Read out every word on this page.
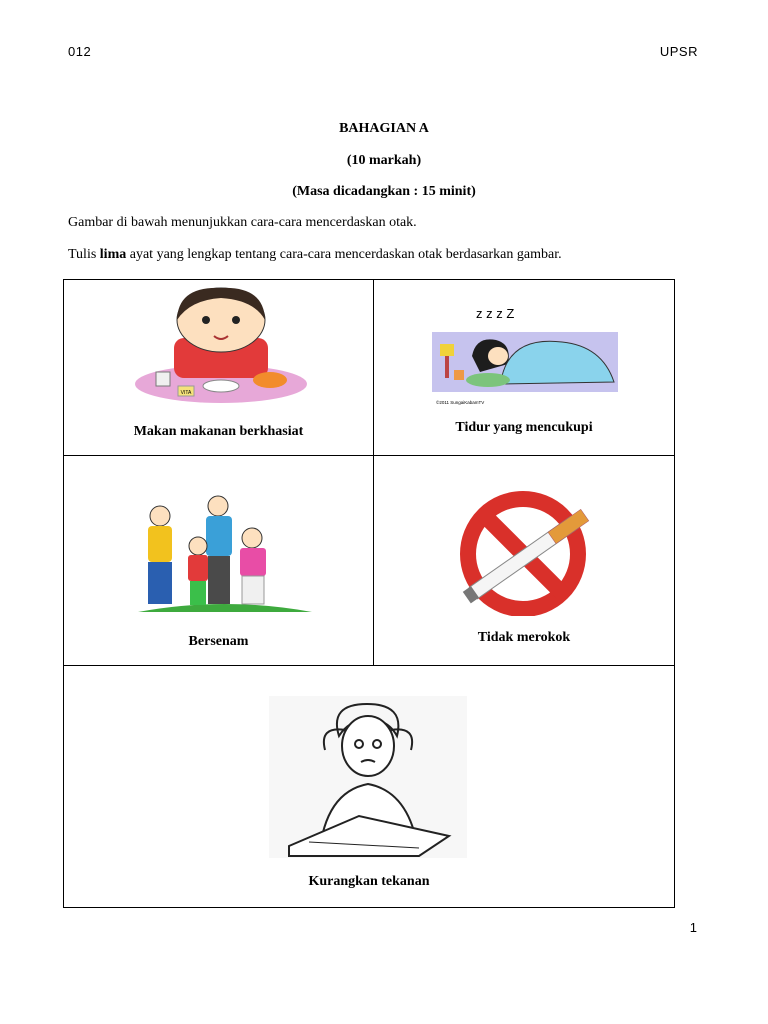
012	UPSR
BAHAGIAN A
(10 markah)
(Masa dicadangkan : 15 minit)
Gambar di bawah menunjukkan cara-cara mencerdaskan otak.
Tulis lima ayat yang lengkap tentang cara-cara mencerdaskan otak berdasarkan gambar.
VITA
Makan makanan berkhasiat	z z z Z
©2011 SungaiKabamTV
Tidur yang mencukupi

Bersenam	Tidak merokok

Kurangkan tekanan	
1
